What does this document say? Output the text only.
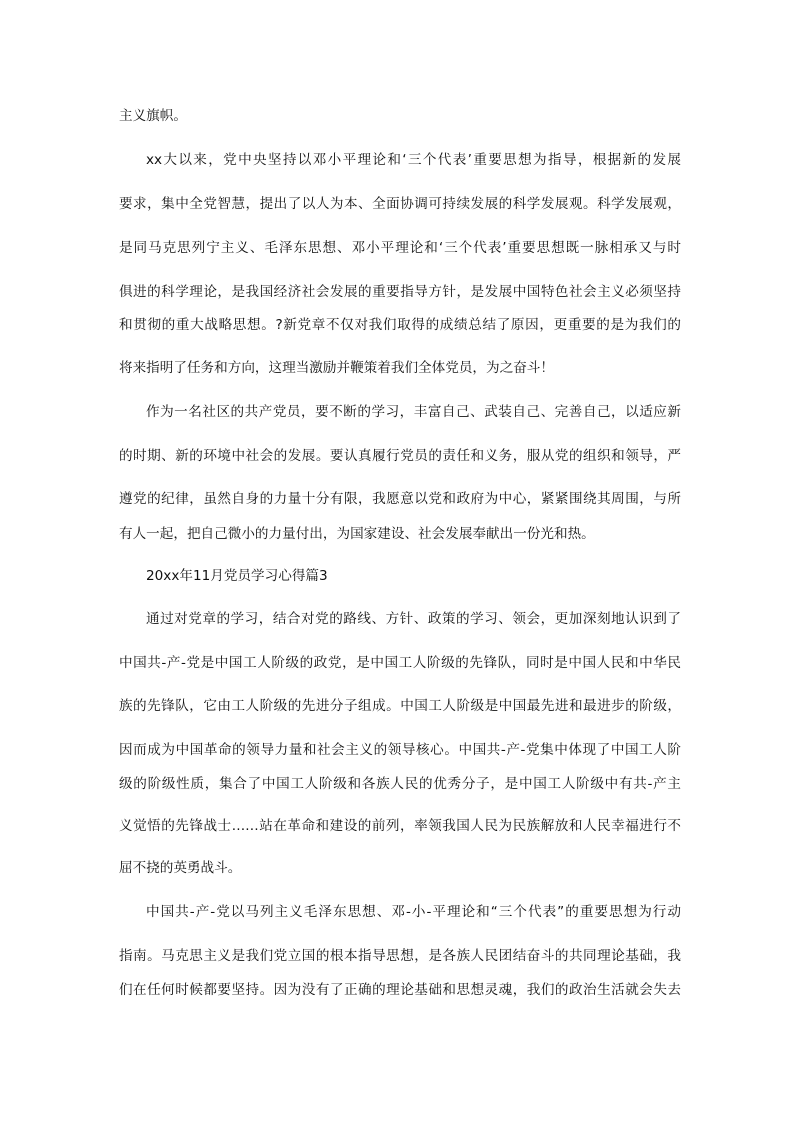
主义旗帜。
xx大以来，党中央坚持以邓小平理论和‘三个代表’重要思想为指导，根据新的发展
要求，集中全党智慧，提出了以人为本、全面协调可持续发展的科学发展观。科学发展观，
是同马克思列宁主义、毛泽东思想、邓小平理论和‘三个代表’重要思想既一脉相承又与时
俱进的科学理论，是我国经济社会发展的重要指导方针，是发展中国特色社会主义必须坚持
和贯彻的重大战略思想。?新党章不仅对我们取得的成绩总结了原因，更重要的是为我们的
将来指明了任务和方向，这理当激励并鞭策着我们全体党员，为之奋斗！
作为一名社区的共产党员，要不断的学习，丰富自己、武装自己、完善自己，以适应新
的时期、新的环境中社会的发展。要认真履行党员的责任和义务，服从党的组织和领导，严
遵党的纪律，虽然自身的力量十分有限，我愿意以党和政府为中心，紧紧围绕其周围，与所
有人一起，把自己微小的力量付出，为国家建设、社会发展奉献出一份光和热。
20xx年11月党员学习心得篇3
通过对党章的学习，结合对党的路线、方针、政策的学习、领会，更加深刻地认识到了
中国共-产-党是中国工人阶级的政党，是中国工人阶级的先锋队，同时是中国人民和中华民
族的先锋队，它由工人阶级的先进分子组成。中国工人阶级是中国最先进和最进步的阶级，
因而成为中国革命的领导力量和社会主义的领导核心。中国共-产-党集中体现了中国工人阶
级的阶级性质，集合了中国工人阶级和各族人民的优秀分子，是中国工人阶级中有共-产主
义觉悟的先锋战士……站在革命和建设的前列，率领我国人民为民族解放和人民幸福进行不
屈不挠的英勇战斗。
中国共-产-党以马列主义毛泽东思想、邓-小-平理论和“三个代表”的重要思想为行动
指南。马克思主义是我们党立国的根本指导思想，是各族人民团结奋斗的共同理论基础，我
们在任何时候都要坚持。因为没有了正确的理论基础和思想灵魂，我们的政治生活就会失去
